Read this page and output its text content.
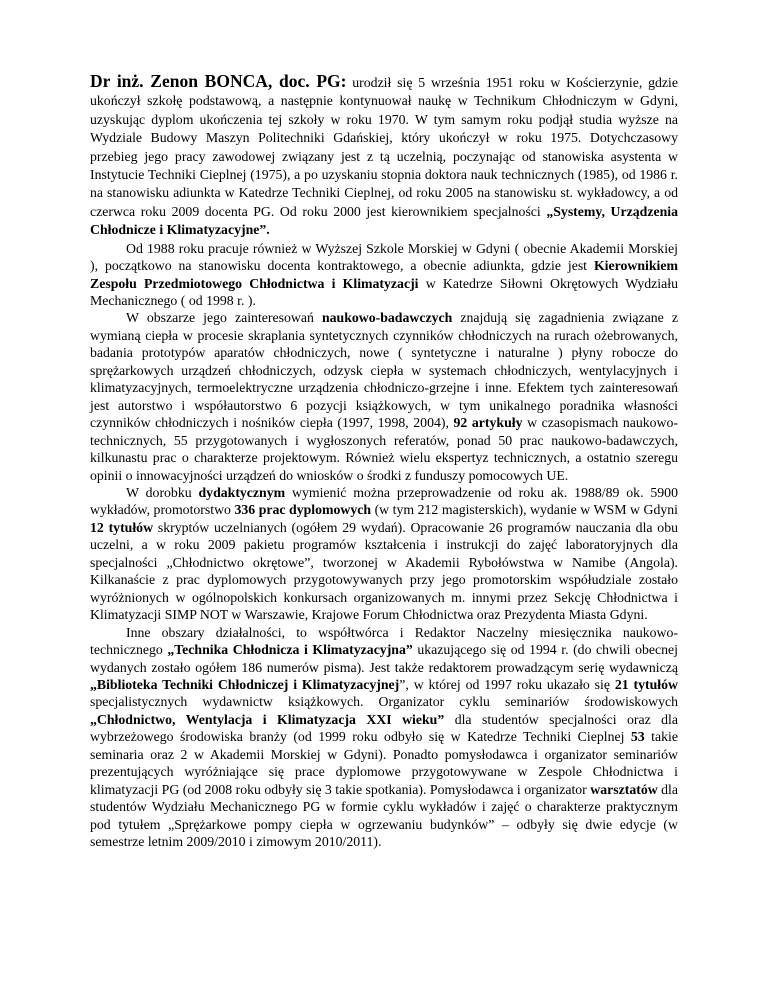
Dr inż. Zenon BONCA, doc. PG: urodził się 5 września 1951 roku w Kościerzynie, gdzie ukończył szkołę podstawową, a następnie kontynuował naukę w Technikum Chłodniczym w Gdyni, uzyskując dyplom ukończenia tej szkoły w roku 1970. W tym samym roku podjął studia wyższe na Wydziale Budowy Maszyn Politechniki Gdańskiej, który ukończył w roku 1975. Dotychczasowy przebieg jego pracy zawodowej związany jest z tą uczelnią, poczynając od stanowiska asystenta w Instytucie Techniki Cieplnej (1975), a po uzyskaniu stopnia doktora nauk technicznych (1985), od 1986 r. na stanowisku adiunkta w Katedrze Techniki Cieplnej, od roku 2005 na stanowisku st. wykładowcy, a od czerwca roku 2009 docenta PG. Od roku 2000 jest kierownikiem specjalności „Systemy, Urządzenia Chłodnicze i Klimatyzacyjne”.

Od 1988 roku pracuje również w Wyższej Szkole Morskiej w Gdyni ( obecnie Akademii Morskiej ), początkowo na stanowisku docenta kontraktowego, a obecnie adiunkta, gdzie jest Kierownikiem Zespołu Przedmiotowego Chłodnictwa i Klimatyzacji w Katedrze Siłowni Okrętowych Wydziału Mechanicznego ( od 1998 r. ).

W obszarze jego zainteresowań naukowo-badawczych znajdują się zagadnienia związane z wymianą ciepła w procesie skraplania syntetycznych czynników chłodniczych na rurach ożebrowanych, badania prototypów aparatów chłodniczych, nowe ( syntetyczne i naturalne ) płyny robocze do sprężarkowych urządzeń chłodniczych, odzysk ciepła w systemach chłodniczych, wentylacyjnych i klimatyzacyjnych, termoelektryczne urządzenia chłodniczo-grzejne i inne. Efektem tych zainteresowań jest autorstwo i współautorstwo 6 pozycji książkowych, w tym unikalnego poradnika własności czynników chłodniczych i nośników ciepła (1997, 1998, 2004), 92 artykuły w czasopismach naukowo-technicznych, 55 przygotowanych i wygłoszonych referatów, ponad 50 prac naukowo-badawczych, kilkunastu prac o charakterze projektowym. Również wielu ekspertyz technicznych, a ostatnio szeregu opinii o innowacyjności urządzeń do wniosków o środki z funduszy pomocowych UE.

W dorobku dydaktycznym wymienić można przeprowadzenie od roku ak. 1988/89 ok. 5900 wykładów, promotorstwo 336 prac dyplomowych (w tym 212 magisterskich), wydanie w WSM w Gdyni 12 tytułów skryptów uczelnianych (ogółem 29 wydań). Opracowanie 26 programów nauczania dla obu uczelni, a w roku 2009 pakietu programów kształcenia i instrukcji do zajęć laboratoryjnych dla specjalności „Chłodnictwo okrętowe”, tworzonej w Akademii Rybołówstwa w Namibe (Angola). Kilkanaście z prac dyplomowych przygotowywanych przy jego promotorskim współudziale zostało wyróżnionych w ogólnopolskich konkursach organizowanych m. innymi przez Sekcję Chłodnictwa i Klimatyzacji SIMP NOT w Warszawie, Krajowe Forum Chłodnictwa oraz Prezydenta Miasta Gdyni.

Inne obszary działalności, to współtwórca i Redaktor Naczelny miesięcznika naukowo-technicznego „Technika Chłodnicza i Klimatyzacyjna” ukazującego się od 1994 r. (do chwili obecnej wydanych zostało ogółem 186 numerów pisma). Jest także redaktorem prowadzącym serię wydawniczą „Biblioteka Techniki Chłodniczej i Klimatyzacyjnej”, w której od 1997 roku ukazało się 21 tytułów specjalistycznych wydawnictw książkowych. Organizator cyklu seminariów środowiskowych „Chłodnictwo, Wentylacja i Klimatyzacja XXI wieku” dla studentów specjalności oraz dla wybrzeżowego środowiska branży (od 1999 roku odbyło się w Katedrze Techniki Cieplnej 53 takie seminaria oraz 2 w Akademii Morskiej w Gdyni). Ponadto pomysłodawca i organizator seminariów prezentujących wyróżniające się prace dyplomowe przygotowywane w Zespole Chłodnictwa i klimatyzacji PG (od 2008 roku odbyły się 3 takie spotkania). Pomysłodawca i organizator warsztatów dla studentów Wydziału Mechanicznego PG w formie cyklu wykładów i zajęć o charakterze praktycznym pod tytułem „Sprężarkowe pompy ciepła w ogrzewaniu budynków” – odbyły się dwie edycje (w semestrze letnim 2009/2010 i zimowym 2010/2011).
